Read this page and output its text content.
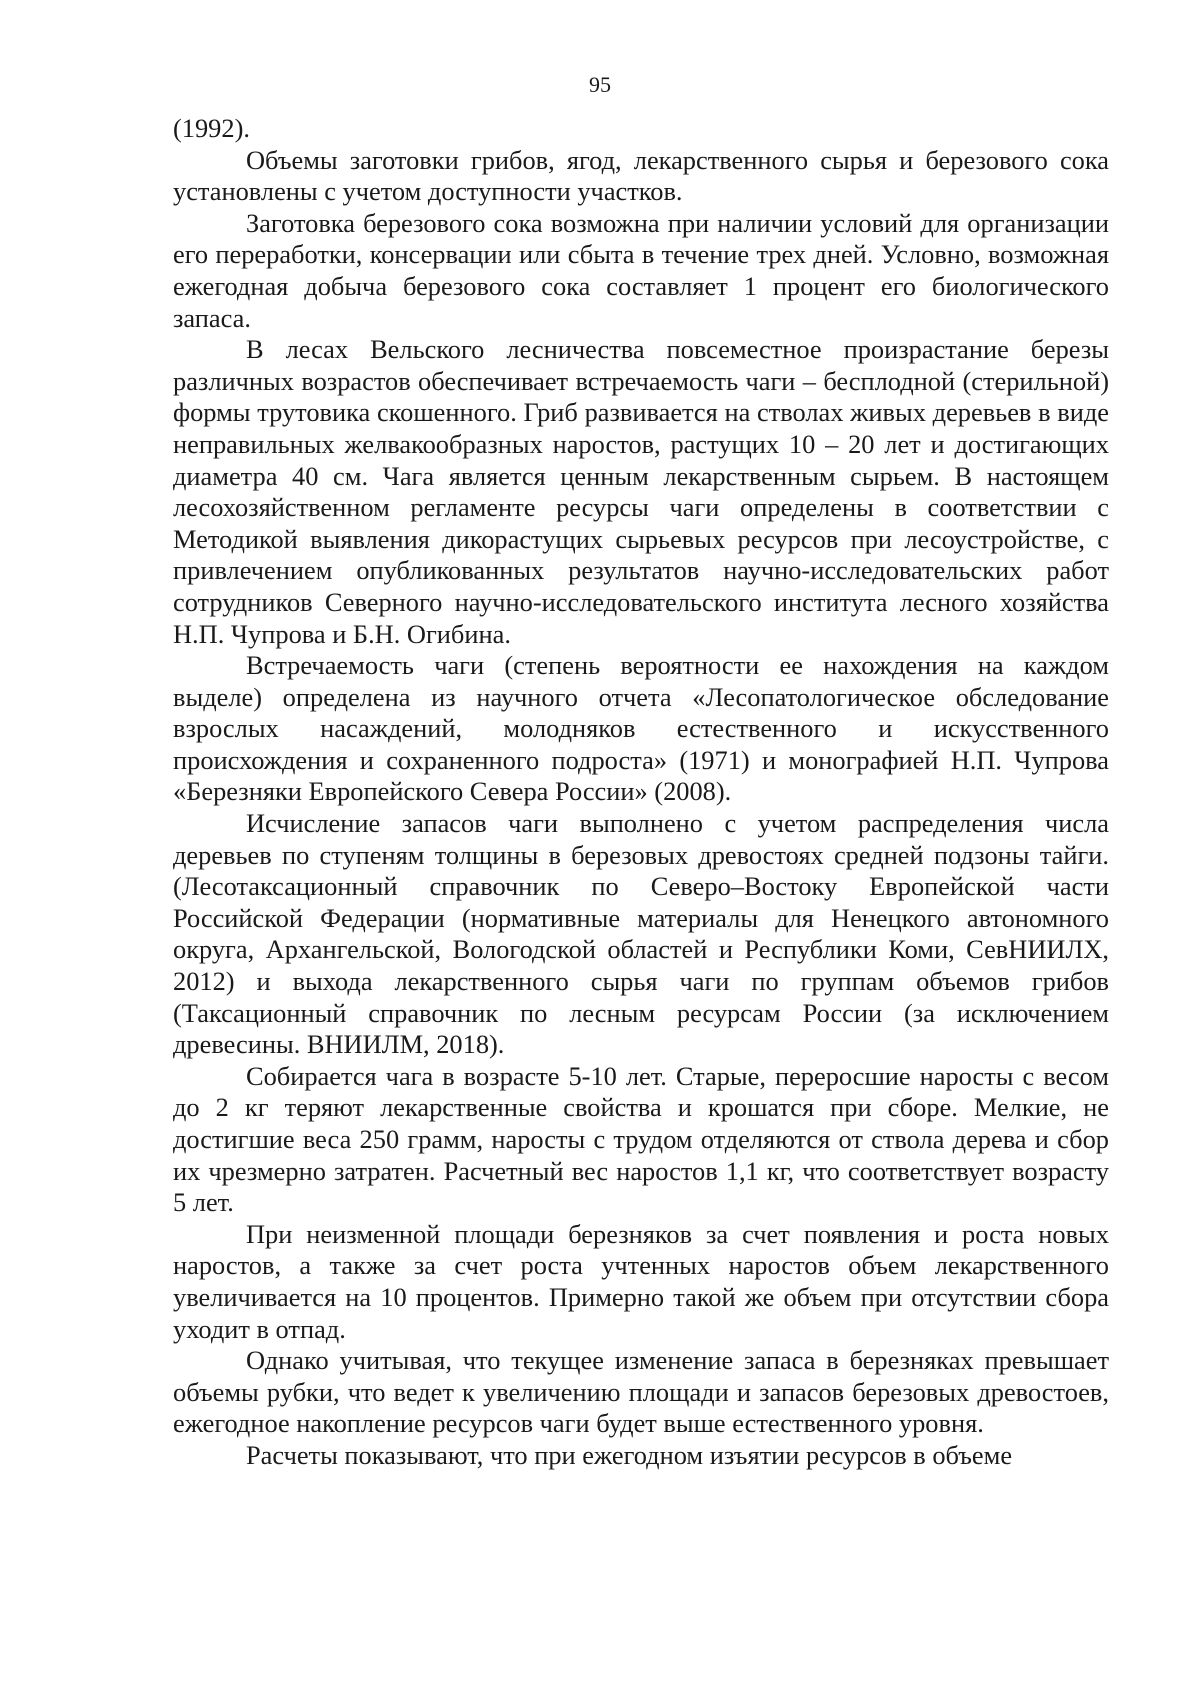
95

(1992).

Объемы заготовки грибов, ягод, лекарственного сырья и березового сока установлены с учетом доступности участков.

Заготовка березового сока возможна при наличии условий для организации его переработки, консервации или сбыта в течение трех дней. Условно, возможная ежегодная добыча березового сока составляет 1 процент его биологического запаса.

В лесах Вельского лесничества повсеместное произрастание березы различных возрастов обеспечивает встречаемость чаги – бесплодной (стерильной) формы трутовика скошенного. Гриб развивается на стволах живых деревьев в виде неправильных желвакообразных наростов, растущих 10 – 20 лет и достигающих диаметра 40 см. Чага является ценным лекарственным сырьем. В настоящем лесохозяйственном регламенте ресурсы чаги определены в соответствии с Методикой выявления дикорастущих сырьевых ресурсов при лесоустройстве, с привлечением опубликованных результатов научно-исследовательских работ сотрудников Северного научно-исследовательского института лесного хозяйства Н.П. Чупрова и Б.Н. Огибина.

Встречаемость чаги (степень вероятности ее нахождения на каждом выделе) определена из научного отчета «Лесопатологическое обследование взрослых насаждений, молодняков естественного и искусственного происхождения и сохраненного подроста» (1971) и монографией Н.П. Чупрова «Березняки Европейского Севера России» (2008).

Исчисление запасов чаги выполнено с учетом распределения числа деревьев по ступеням толщины в березовых древостоях средней подзоны тайги. (Лесотаксационный справочник по Северо–Востоку Европейской части Российской Федерации (нормативные материалы для Ненецкого автономного округа, Архангельской, Вологодской областей и Республики Коми, СевНИИЛХ, 2012) и выхода лекарственного сырья чаги по группам объемов грибов (Таксационный справочник по лесным ресурсам России (за исключением древесины. ВНИИЛМ, 2018).

Собирается чага в возрасте 5-10 лет. Старые, переросшие наросты с весом до 2 кг теряют лекарственные свойства и крошатся при сборе. Мелкие, не достигшие веса 250 грамм, наросты с трудом отделяются от ствола дерева и сбор их чрезмерно затратен. Расчетный вес наростов 1,1 кг, что соответствует возрасту 5 лет.

При неизменной площади березняков за счет появления и роста новых наростов, а также за счет роста учтенных наростов объем лекарственного увеличивается на 10 процентов. Примерно такой же объем при отсутствии сбора уходит в отпад.

Однако учитывая, что текущее изменение запаса в березняках превышает объемы рубки, что ведет к увеличению площади и запасов березовых древостоев, ежегодное накопление ресурсов чаги будет выше естественного уровня.

Расчеты показывают, что при ежегодном изъятии ресурсов в объеме
